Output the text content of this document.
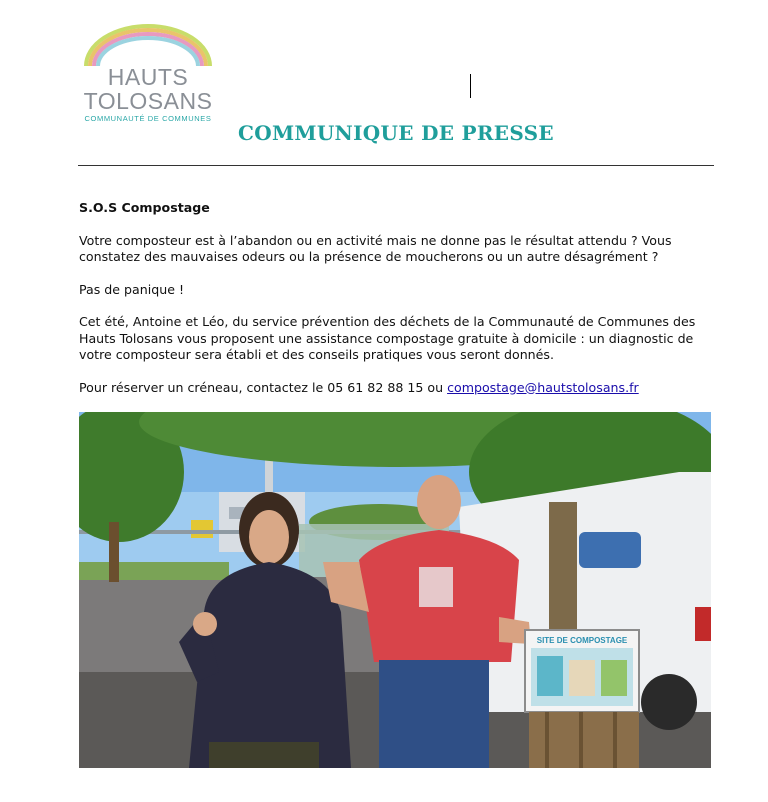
HAUTS
TOLOSANS
COMMUNAUTÉ DE COMMUNES
COMMUNIQUE DE PRESSE

S.O.S Compostage

Votre composteur est à l’abandon ou en activité mais ne donne pas le résultat attendu ? Vous constatez des mauvaises odeurs ou la présence de moucherons ou un autre désagrément ?

Pas de panique !

Cet été, Antoine et Léo, du service prévention des déchets de la Communauté de Communes des Hauts Tolosans vous proposent une assistance compostage gratuite à domicile : un diagnostic de votre composteur sera établi et des conseils pratiques vous seront donnés.

Pour réserver un créneau, contactez le 05 61 82 88 15 ou compostage@hautstolosans.fr

SITE DE COMPOSTAGE
